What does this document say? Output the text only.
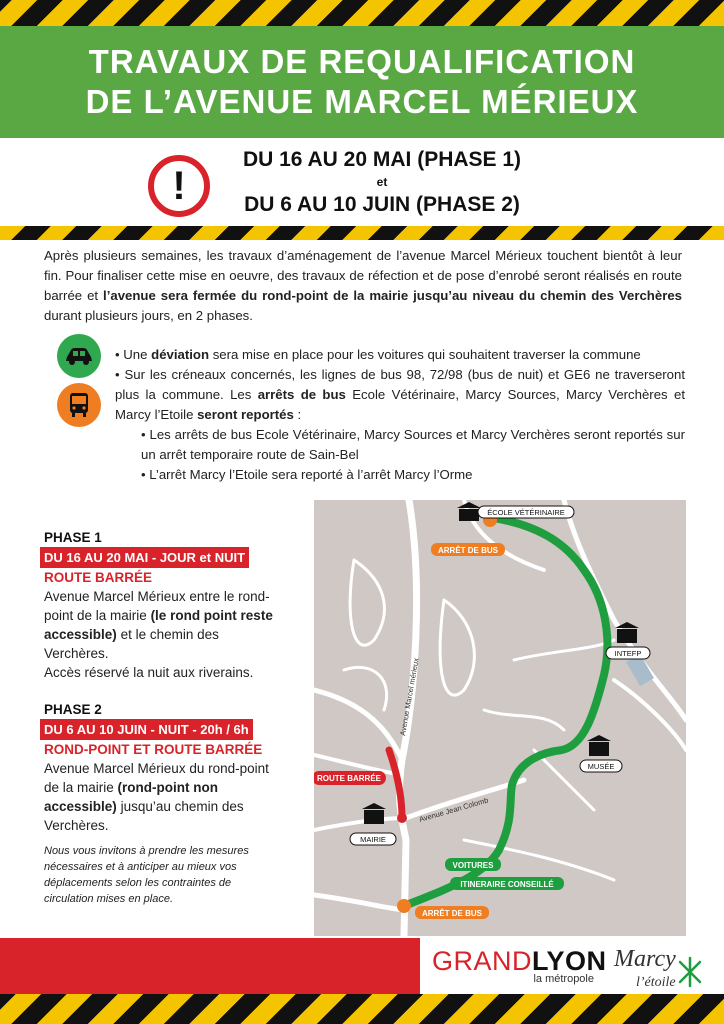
TRAVAUX DE REQUALIFICATION
DE L’AVENUE MARCEL MÉRIEUX
!
DU 16 AU 20 MAI (PHASE 1)
et
DU 6 AU 10 JUIN (PHASE 2)

Après plusieurs semaines, les travaux d’aménagement de l’avenue Marcel Mérieux touchent bientôt à leur fin. Pour finaliser cette mise en oeuvre, des travaux de réfection et de pose d’enrobé seront réalisés en route barrée et l’avenue sera fermée du rond-point de la mairie jusqu’au niveau du chemin des Verchères durant plusieurs jours, en 2 phases.

• Une déviation sera mise en place pour les voitures qui souhaitent traverser la commune
• Sur les créneaux concernés, les lignes de bus 98, 72/98 (bus de nuit) et GE6 ne traverseront plus la commune. Les arrêts de bus Ecole Vétérinaire, Marcy Sources, Marcy Verchères et Marcy l’Etoile seront reportés :
• Les arrêts de bus Ecole Vétérinaire, Marcy Sources et Marcy Verchères seront reportés sur un arrêt temporaire route de Sain-Bel
• L’arrêt Marcy l’Etoile sera reporté à l’arrêt Marcy l’Orme
PHASE 1
DU 16 AU 20 MAI - JOUR et NUIT
ROUTE BARRÉE
Avenue Marcel Mérieux entre le rond-point de la mairie (le rond point reste accessible) et le chemin des Verchères.
Accès réservé la nuit aux riverains.
PHASE 2
DU 6 AU 10 JUIN - NUIT - 20h / 6h
ROND-POINT ET ROUTE BARRÉE
Avenue Marcel Mérieux du rond-point de la mairie (rond-point non accessible) jusqu’au chemin des Verchères.
Nous vous invitons à prendre les mesures nécessaires et à anticiper au mieux vos déplacements selon les contraintes de circulation mises en place.
ÉCOLE VÉTÉRINAIRE
ARRÊT DE BUS
INTEFP
MUSÉE
MAIRIE
ROUTE BARRÉE
VOITURES
ITINERAIRE CONSEILLÉ
ARRÊT DE BUS
Avenue Marcel mérieux
Avenue Jean Colomb
GRANDLYON
la métropole
Marcy
l’étoile
